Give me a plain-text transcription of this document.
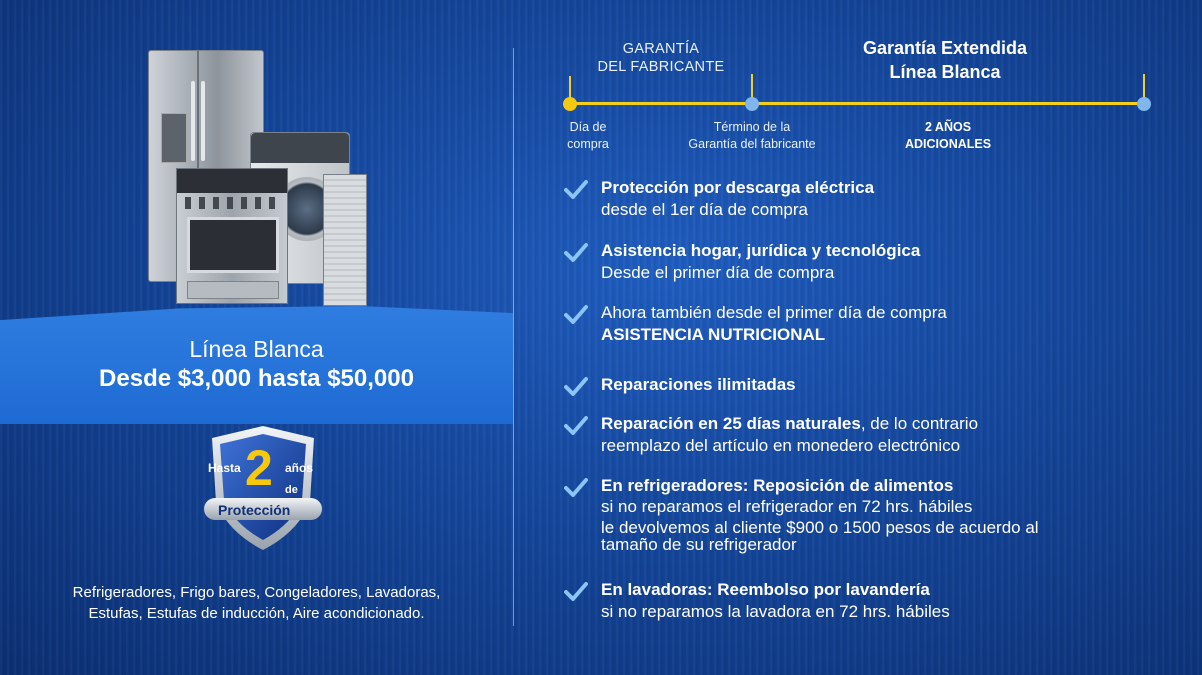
Línea Blanca
Desde $3,000 hasta $50,000
Hasta 2 años
de
Protección
Refrigeradores, Frigo bares, Congeladores, Lavadoras,
Estufas, Estufas de inducción, Aire acondicionado.
GARANTÍA
DEL FABRICANTE
Garantía Extendida
Línea Blanca
Día de
compra
Término de la
Garantía del fabricante
2 AÑOS
ADICIONALES
Protección por descarga eléctrica
desde el 1er día de compra
Asistencia hogar, jurídica y tecnológica
Desde el primer día de compra
Ahora también desde el primer día de compra
ASISTENCIA NUTRICIONAL
Reparaciones ilimitadas
Reparación en 25 días naturales, de lo contrario
reemplazo del artículo en monedero electrónico
En refrigeradores: Reposición de alimentos
si no reparamos el refrigerador en 72 hrs. hábiles
le devolvemos al cliente $900 o 1500 pesos de acuerdo al
tamaño de su refrigerador
En lavadoras: Reembolso por lavandería
si no reparamos la lavadora en 72 hrs. hábiles
